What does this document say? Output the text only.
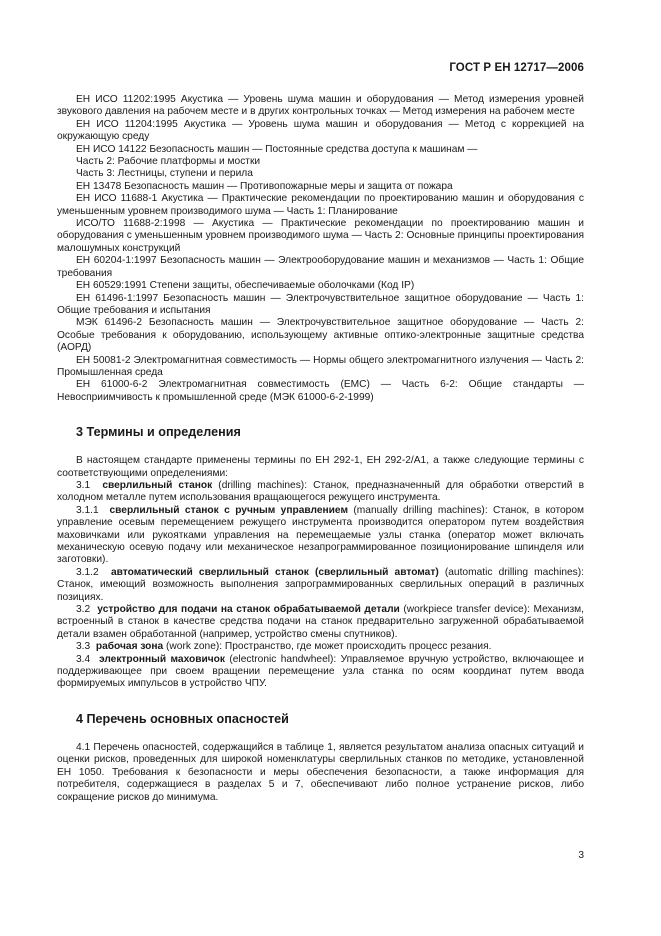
ГОСТ Р ЕН 12717—2006

ЕН ИСО 11202:1995 Акустика — Уровень шума машин и оборудования — Метод измерения уровней звукового давления на рабочем месте и в других контрольных точках — Метод измерения на рабочем месте

ЕН ИСО 11204:1995 Акустика — Уровень шума машин и оборудования — Метод с коррекцией на окружающую среду

ЕН ИСО 14122 Безопасность машин — Постоянные средства доступа к машинам —

Часть 2: Рабочие платформы и мостки

Часть 3: Лестницы, ступени и перила

ЕН 13478 Безопасность машин — Противопожарные меры и защита от пожара

ЕН ИСО 11688-1 Акустика — Практические рекомендации по проектированию машин и оборудования с уменьшенным уровнем производимого шума — Часть 1: Планирование

ИСО/ТО 11688-2:1998 — Акустика — Практические рекомендации по проектированию машин и оборудования с уменьшенным уровнем производимого шума — Часть 2: Основные принципы проектирования малошумных конструкций

ЕН 60204-1:1997 Безопасность машин — Электрооборудование машин и механизмов — Часть 1: Общие требования

ЕН 60529:1991 Степени защиты, обеспечиваемые оболочками (Код IP)

ЕН 61496-1:1997 Безопасность машин — Электрочувствительное защитное оборудование — Часть 1: Общие требования и испытания

МЭК 61496-2 Безопасность машин — Электрочувствительное защитное оборудование — Часть 2: Особые требования к оборудованию, использующему активные оптико-электронные защитные средства (АОРД)

ЕН 50081-2 Электромагнитная совместимость — Нормы общего электромагнитного излучения — Часть 2: Промышленная среда

ЕН 61000-6-2 Электромагнитная совместимость (ЕМС) — Часть 6-2: Общие стандарты — Невосприимчивость к промышленной среде (МЭК 61000-6-2-1999)

3 Термины и определения

В настоящем стандарте применены термины по ЕН 292-1, ЕН 292-2/А1, а также следующие термины с соответствующими определениями:

3.1 сверлильный станок (drilling machines): Станок, предназначенный для обработки отверстий в холодном металле путем использования вращающегося режущего инструмента.

3.1.1 сверлильный станок с ручным управлением (manually drilling machines): Станок, в котором управление осевым перемещением режущего инструмента производится оператором путем воздействия маховичками или рукоятками управления на перемещаемые узлы станка (оператор может включать механическую осевую подачу или механическое незапрограммированное позиционирование шпинделя или заготовки).

3.1.2 автоматический сверлильный станок (сверлильный автомат) (automatic drilling machines): Станок, имеющий возможность выполнения запрограммированных сверлильных операций в различных позициях.

3.2 устройство для подачи на станок обрабатываемой детали (workpiece transfer device): Механизм, встроенный в станок в качестве средства подачи на станок предварительно загруженной обрабатываемой детали взамен обработанной (например, устройство смены спутников).

3.3 рабочая зона (work zone): Пространство, где может происходить процесс резания.

3.4 электронный маховичок (electronic handwheel): Управляемое вручную устройство, включающее и поддерживающее при своем вращении перемещение узла станка по осям координат путем ввода формируемых импульсов в устройство ЧПУ.

4 Перечень основных опасностей

4.1 Перечень опасностей, содержащийся в таблице 1, является результатом анализа опасных ситуаций и оценки рисков, проведенных для широкой номенклатуры сверлильных станков по методике, установленной ЕН 1050. Требования к безопасности и меры обеспечения безопасности, а также информация для потребителя, содержащиеся в разделах 5 и 7, обеспечивают либо полное устранение рисков, либо сокращение рисков до минимума.

3
